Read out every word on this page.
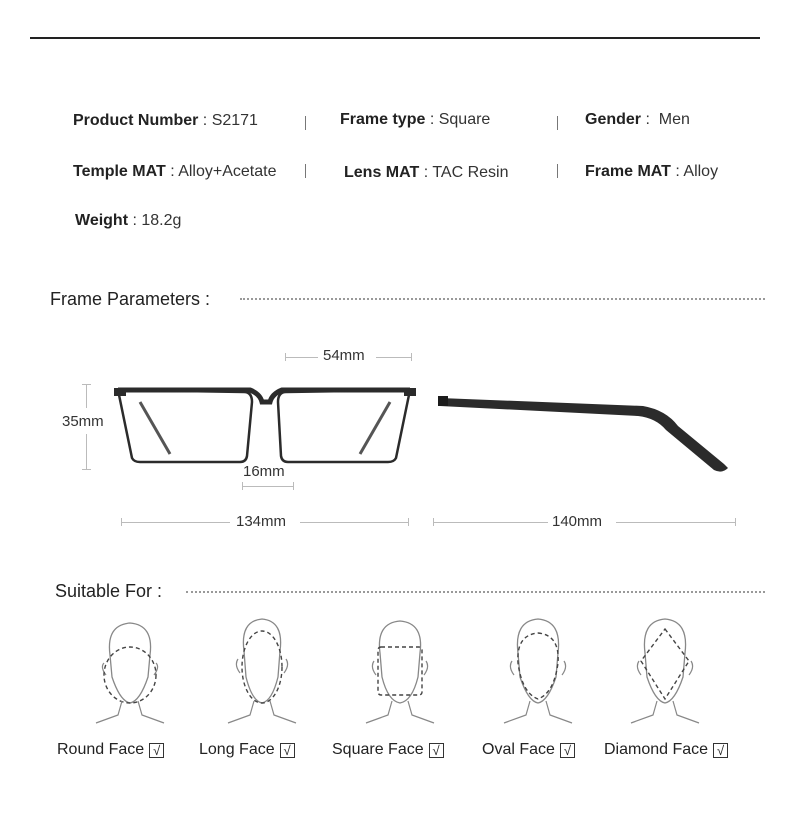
Product Number : S2171	Frame type : Square	Gender :  Men
Temple MAT : Alloy+Acetate	Lens MAT : TAC Resin	Frame MAT : Alloy
Weight : 18.2g
Frame Parameters :
54mm
35mm
16mm
134mm	140mm
Suitable For :
Round Face √ Long Face √	Square Face √	Oval Face √ Diamond Face √
